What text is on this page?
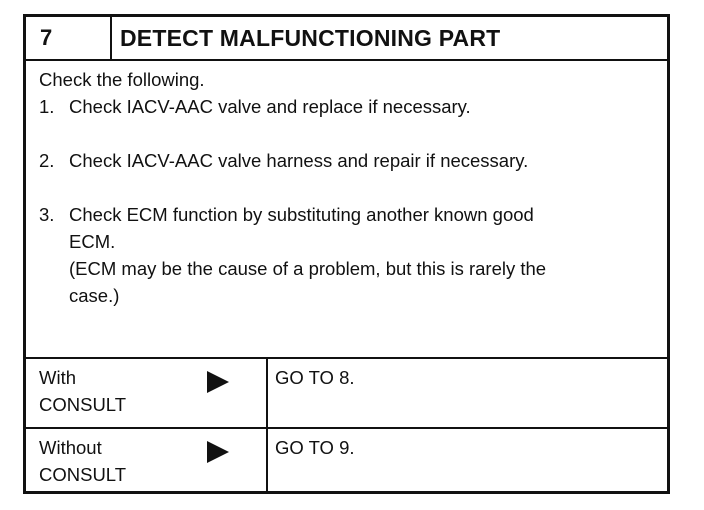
7	DETECT MALFUNCTIONING PART
Check the following.
1. Check IACV-AAC valve and replace if necessary.
2. Check IACV-AAC valve harness and repair if necessary.
3. Check ECM function by substituting another known good
ECM.
(ECM may be the cause of a problem, but this is rarely the
case.)
With
CONSULT
GO TO 8.
Without
CONSULT
GO TO 9.
